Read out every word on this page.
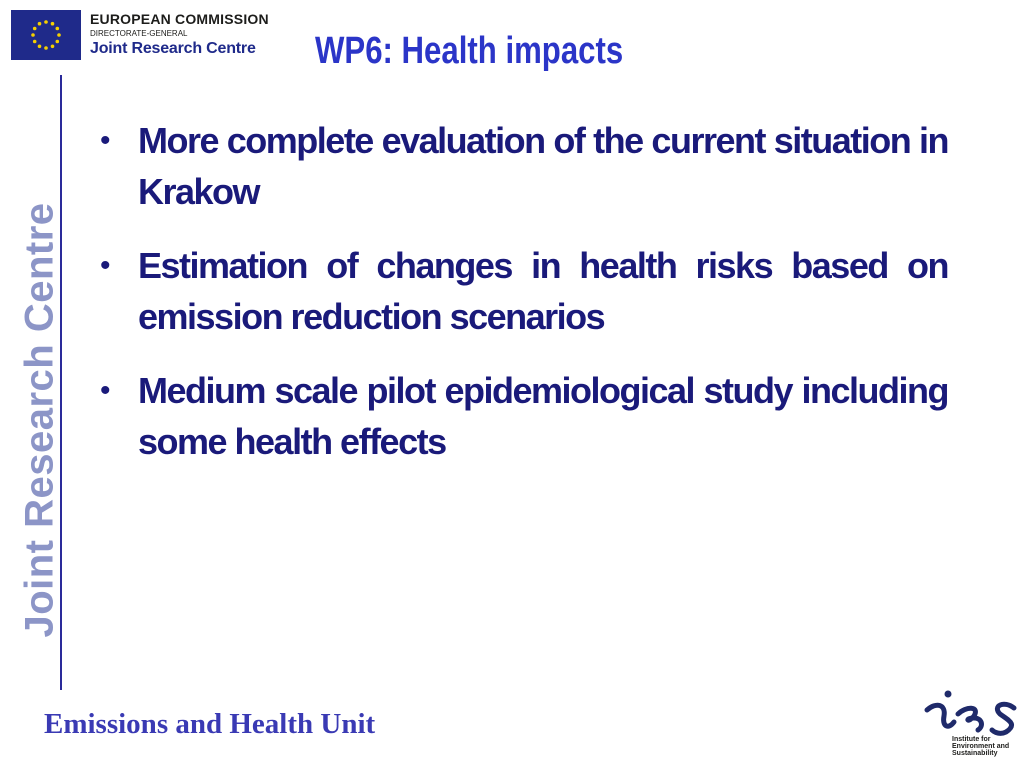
EUROPEAN COMMISSION
DIRECTORATE-GENERAL
Joint Research Centre
Joint Research Centre
WP6: Health impacts
• More complete evaluation of the current situation in Krakow
• Estimation of changes in health risks based on emission reduction scenarios
• Medium scale pilot epidemiological study including some health effects
Emissions and Health Unit	Institute for
Environment and
Sustainability
